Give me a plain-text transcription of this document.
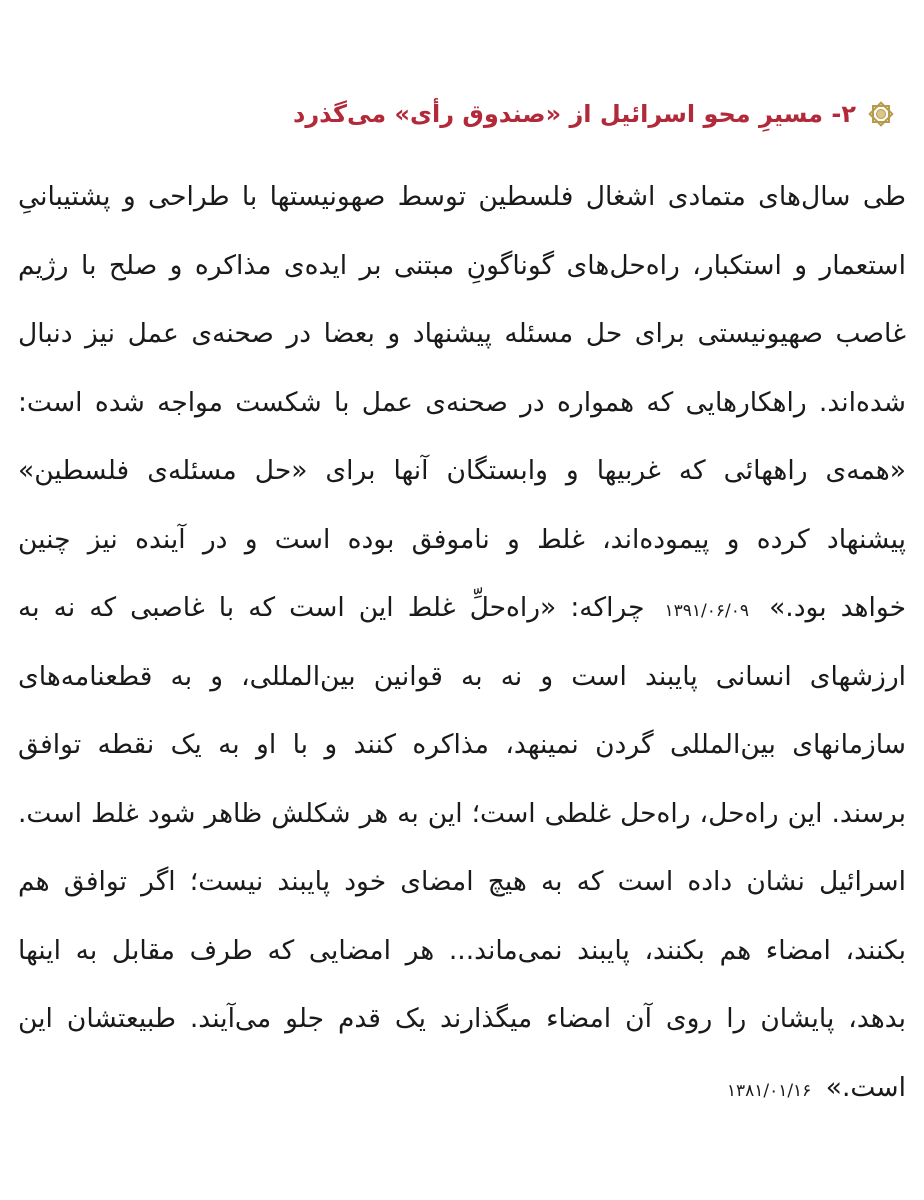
۲- مسیرِ محو اسرائیل از «صندوق رأی» می‌گذرد
طی سال‌های متمادی اشغال فلسطین توسط صهونیستها با طراحی و پشتیبانیِ
استعمار و استکبار، راه‌حل‌های گوناگونِ مبتنی بر ایده‌ی مذاکره و صلح با رژیم
غاصب صهیونیستی برای حل مسئله پیشنهاد و بعضا در صحنه‌ی عمل نیز دنبال
شده‌اند. راهکارهایی که همواره در صحنه‌ی عمل با شکست مواجه شده است:
«همه‌ی راههائی که غربیها و وابستگان آنها برای «حل مسئله‌ی فلسطین»
پیشنهاد کرده و پیموده‌اند، غلط و ناموفق بوده است و در آینده نیز چنین
خواهد بود.» ۱۳۹۱/۰۶/۰۹ چراکه: «راه‌حلِّ غلط این است که با غاصبی که نه به
ارزشهای انسانی پایبند است و نه به قوانین بین‌المللی، و به قطعنامه‌های
سازمانهای بین‌المللی گردن نمینهد، مذاکره کنند و با او به یک نقطه توافق
برسند. این راه‌حل، راه‌حل غلطی است؛ این به هر شکلش ظاهر شود غلط است.
اسرائیل نشان داده است که به هیچ امضای خود پایبند نیست؛ اگر توافق هم
بکنند، امضاء هم بکنند، پایبند نمی‌ماند... هر امضایی که طرف مقابل به اینها
بدهد، پایشان را روی آن امضاء میگذارند یک قدم جلو می‌آیند. طبیعتشان این
است.» ۱۳۸۱/۰۱/۱۶
